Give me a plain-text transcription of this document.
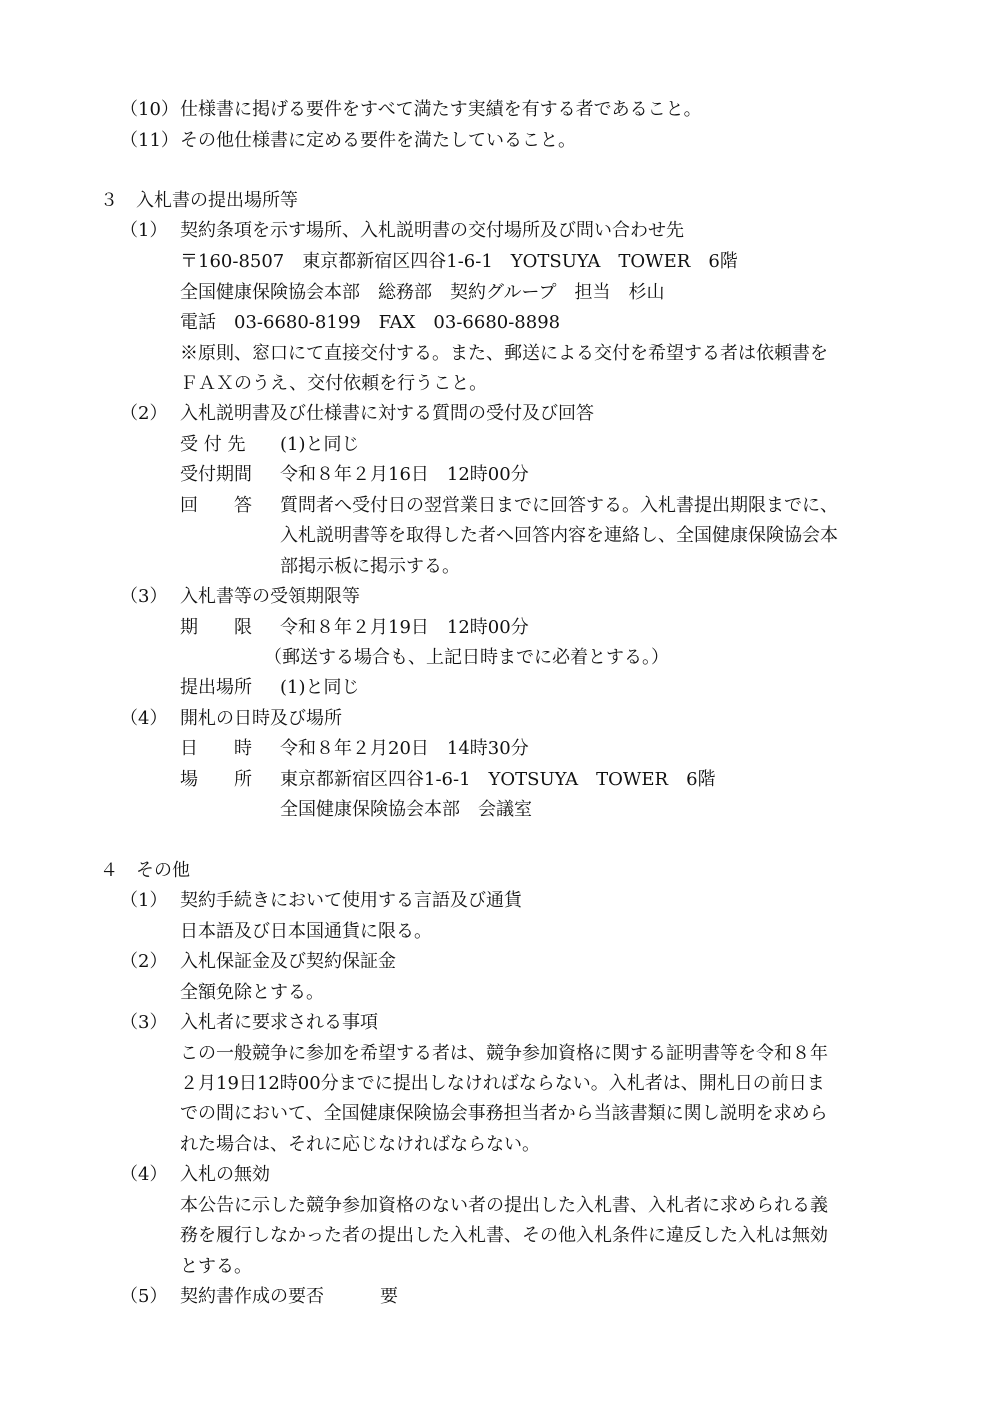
（10） 仕様書に掲げる要件をすべて満たす実績を有する者であること。
（11） その他仕様書に定める要件を満たしていること。
３ 入札書の提出場所等
（1） 契約条項を示す場所、入札説明書の交付場所及び問い合わせ先
〒160-8507　東京都新宿区四谷1-6-1　YOTSUYA　TOWER　6階
全国健康保険協会本部　総務部　契約グループ　担当　杉山
電話　03-6680-8199　FAX　03-6680-8898
※原則、窓口にて直接交付する。また、郵送による交付を希望する者は依頼書を
ＦＡＸのうえ、交付依頼を行うこと。
（2） 入札説明書及び仕様書に対する質問の受付及び回答
受 付 先 (1)と同じ
受付期間 令和８年２月16日　12時00分
回　　答 質問者へ受付日の翌営業日までに回答する。入札書提出期限までに、
入札説明書等を取得した者へ回答内容を連絡し、全国健康保険協会本
部掲示板に掲示する。
（3） 入札書等の受領期限等
期　　限 令和８年２月19日　12時00分
（郵送する場合も、上記日時までに必着とする。）
提出場所 (1)と同じ
（4） 開札の日時及び場所
日　　時 令和８年２月20日　14時30分
場　　所 東京都新宿区四谷1-6-1　YOTSUYA　TOWER　6階
全国健康保険協会本部　会議室
４ その他
（1） 契約手続きにおいて使用する言語及び通貨
日本語及び日本国通貨に限る。
（2） 入札保証金及び契約保証金
全額免除とする。
（3） 入札者に要求される事項
この一般競争に参加を希望する者は、競争参加資格に関する証明書等を令和８年
２月19日12時00分までに提出しなければならない。入札者は、開札日の前日ま
での間において、全国健康保険協会事務担当者から当該書類に関し説明を求めら
れた場合は、それに応じなければならない。
（4） 入札の無効
本公告に示した競争参加資格のない者の提出した入札書、入札者に求められる義
務を履行しなかった者の提出した入札書、その他入札条件に違反した入札は無効
とする。
（5） 契約書作成の要否	要
